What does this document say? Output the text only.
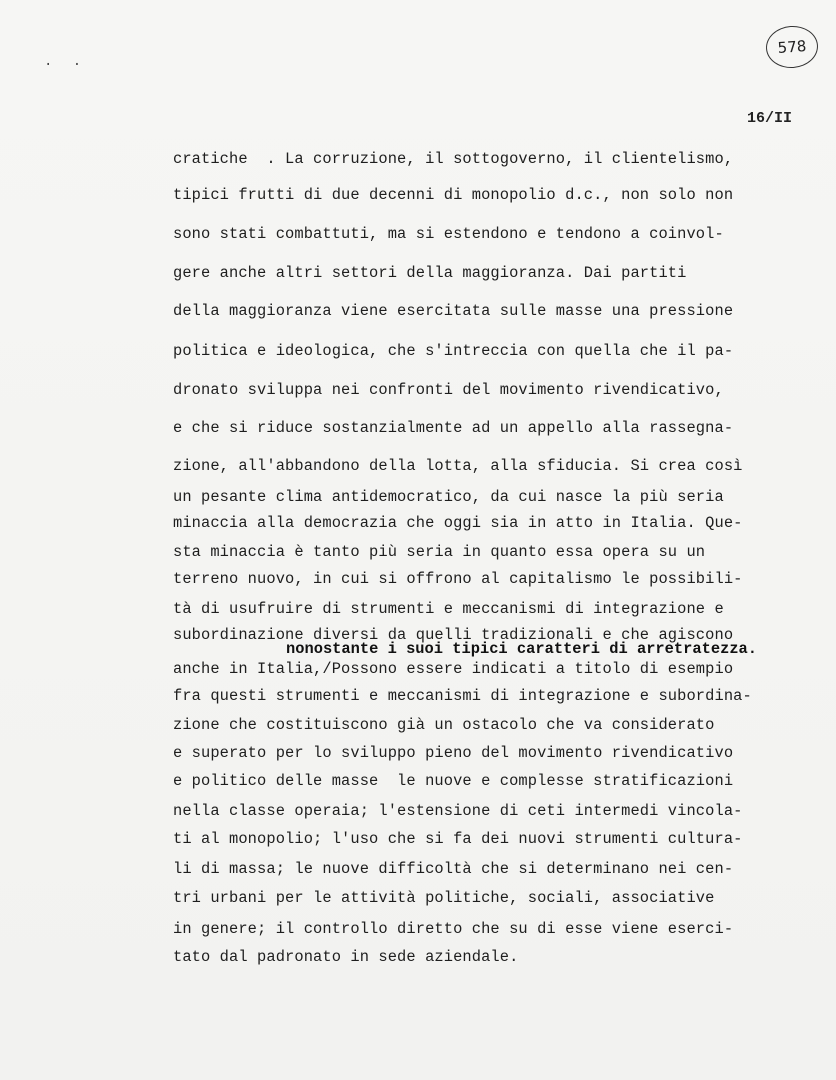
578
. .
16/II
cratiche  . La corruzione, il sottogoverno, il clientelismo,
tipici frutti di due decenni di monopolio d.c., non solo non
sono stati combattuti, ma si estendono e tendono a coinvol-
gere anche altri settori della maggioranza. Dai partiti
della maggioranza viene esercitata sulle masse una pressione
politica e ideologica, che s'intreccia con quella che il pa-
dronato sviluppa nei confronti del movimento rivendicativo,
e che si riduce sostanzialmente ad un appello alla rassegna-
zione, all'abbandono della lotta, alla sfiducia. Si crea così
un pesante clima antidemocratico, da cui nasce la più seria
minaccia alla democrazia che oggi sia in atto in Italia. Que-
sta minaccia è tanto più seria in quanto essa opera su un
terreno nuovo, in cui si offrono al capitalismo le possibili-
tà di usufruire di strumenti e meccanismi di integrazione e
subordinazione diversi da quelli tradizionali e che agiscono
nonostante i suoi tipici caratteri di arretratezza.
anche in Italia,/Possono essere indicati a titolo di esempio
fra questi strumenti e meccanismi di integrazione e subordina-
zione che costituiscono già un ostacolo che va considerato
e superato per lo sviluppo pieno del movimento rivendicativo
e politico delle masse  le nuove e complesse stratificazioni
nella classe operaia; l'estensione di ceti intermedi vincola-
ti al monopolio; l'uso che si fa dei nuovi strumenti cultura-
li di massa; le nuove difficoltà che si determinano nei cen-
tri urbani per le attività politiche, sociali, associative
in genere; il controllo diretto che su di esse viene eserci-
tato dal padronato in sede aziendale.
